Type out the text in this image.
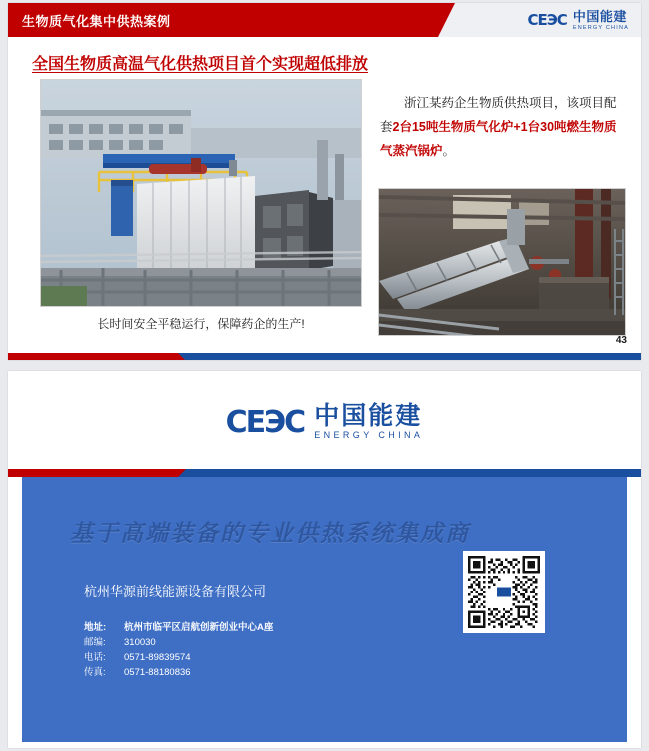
生物质气化集中供热案例	CEЭC 中国能建
ENERGY CHINA
全国生物质高温气化供热项目首个实现超低排放
长时间安全平稳运行，保障药企的生产!
浙江某药企生物质供热项目，该项目配套2台15吨生物质气化炉+1台30吨燃生物质气蒸汽锅炉。
43
CEЭC 中国能建
ENERGY CHINA
基于高端装备的专业供热系统集成商
杭州华源前线能源设备有限公司
地址:	杭州市临平区启航创新创业中心A座
邮编:	310030
电话:	0571-89839574
传真:	0571-88180836
